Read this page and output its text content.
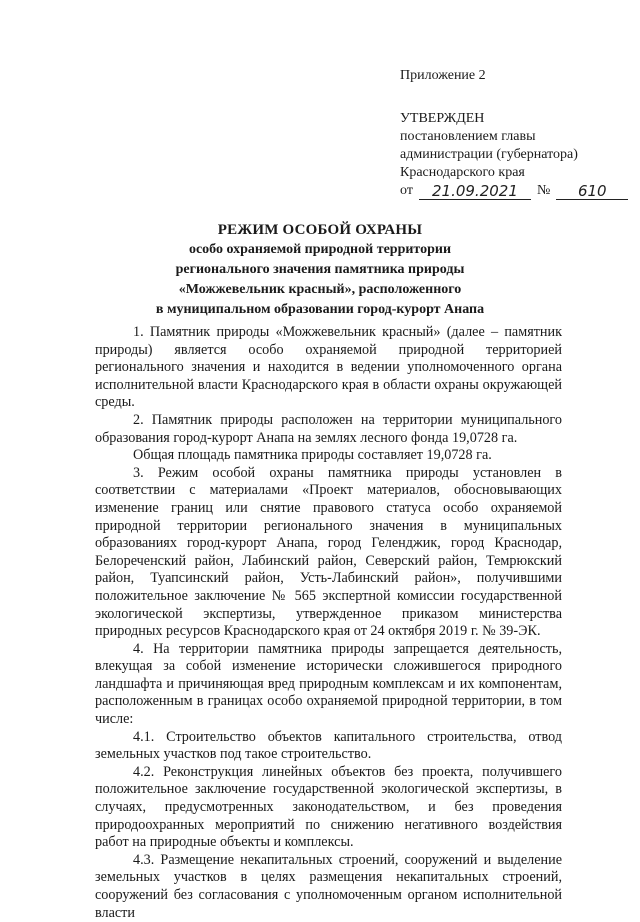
Приложение 2
УТВЕРЖДЕН
постановлением главы
администрации (губернатора)
Краснодарского края
от	21.09.2021	№	610
РЕЖИМ ОСОБОЙ ОХРАНЫ
особо охраняемой природной территории
регионального значения памятника природы
«Можжевельник красный», расположенного
в муниципальном образовании город-курорт Анапа

1. Памятник природы «Можжевельник красный» (далее – памятник природы) является особо охраняемой природной территорией регионального значения и находится в ведении уполномоченного органа исполнительной власти Краснодарского края в области охраны окружающей среды.

2. Памятник природы расположен на территории муниципального образования город-курорт Анапа на землях лесного фонда 19,0728 га.

Общая площадь памятника природы составляет 19,0728 га.

3. Режим особой охраны памятника природы установлен в соответствии с материалами «Проект материалов, обосновывающих изменение границ или снятие правового статуса особо охраняемой природной территории регионального значения в муниципальных образованиях город-курорт Анапа, город Геленджик, город Краснодар, Белореченский район, Лабинский район, Северский район, Темрюкский район, Туапсинский район, Усть-Лабинский район», получившими положительное заключение № 565 экспертной комиссии государственной экологической экспертизы, утвержденное приказом министерства природных ресурсов Краснодарского края от 24 октября 2019 г. № 39-ЭК.

4. На территории памятника природы запрещается деятельность, влекущая за собой изменение исторически сложившегося природного ландшафта и причиняющая вред природным комплексам и их компонентам, расположенным в границах особо охраняемой природной территории, в том числе:

4.1. Строительство объектов капитального строительства, отвод земельных участков под такое строительство.

4.2. Реконструкция линейных объектов без проекта, получившего положительное заключение государственной экологической экспертизы, в случаях, предусмотренных законодательством, и без проведения природоохранных мероприятий по снижению негативного воздействия работ на природные объекты и комплексы.

4.3. Размещение некапитальных строений, сооружений и выделение земельных участков в целях размещения некапитальных строений, сооружений без согласования с уполномоченным органом исполнительной власти
